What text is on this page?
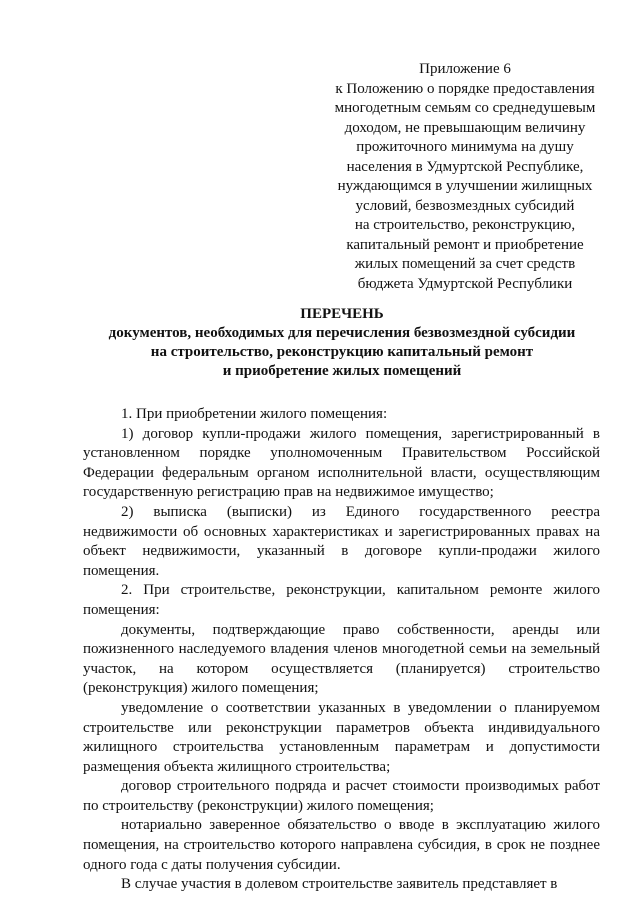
Приложение 6
к Положению о порядке предоставления
многодетным семьям со среднедушевым
доходом, не превышающим величину
прожиточного минимума на душу
населения в Удмуртской Республике,
нуждающимся в улучшении жилищных
условий, безвозмездных субсидий
на строительство, реконструкцию,
капитальный ремонт и приобретение
жилых помещений за счет средств
бюджета Удмуртской Республики
ПЕРЕЧЕНЬ
документов, необходимых для перечисления безвозмездной субсидии
на строительство, реконструкцию капитальный ремонт
и приобретение жилых помещений

1. При приобретении жилого помещения:

1) договор купли-продажи жилого помещения, зарегистрированный в установленном порядке уполномоченным Правительством Российской Федерации федеральным органом исполнительной власти, осуществляющим государственную регистрацию прав на недвижимое имущество;

2) выписка (выписки) из Единого государственного реестра недвижимости об основных характеристиках и зарегистрированных правах на объект недвижимости, указанный в договоре купли-продажи жилого помещения.

2. При строительстве, реконструкции, капитальном ремонте жилого помещения:

документы, подтверждающие право собственности, аренды или пожизненного наследуемого владения членов многодетной семьи на земельный участок, на котором осуществляется (планируется) строительство (реконструкция) жилого помещения;

уведомление о соответствии указанных в уведомлении о планируемом строительстве или реконструкции параметров объекта индивидуального жилищного строительства установленным параметрам и допустимости размещения объекта жилищного строительства;

договор строительного подряда и расчет стоимости производимых работ по строительству (реконструкции) жилого помещения;

нотариально заверенное обязательство о вводе в эксплуатацию жилого помещения, на строительство которого направлена субсидия, в срок не позднее одного года с даты получения субсидии.

В случае участия в долевом строительстве заявитель представляет в
